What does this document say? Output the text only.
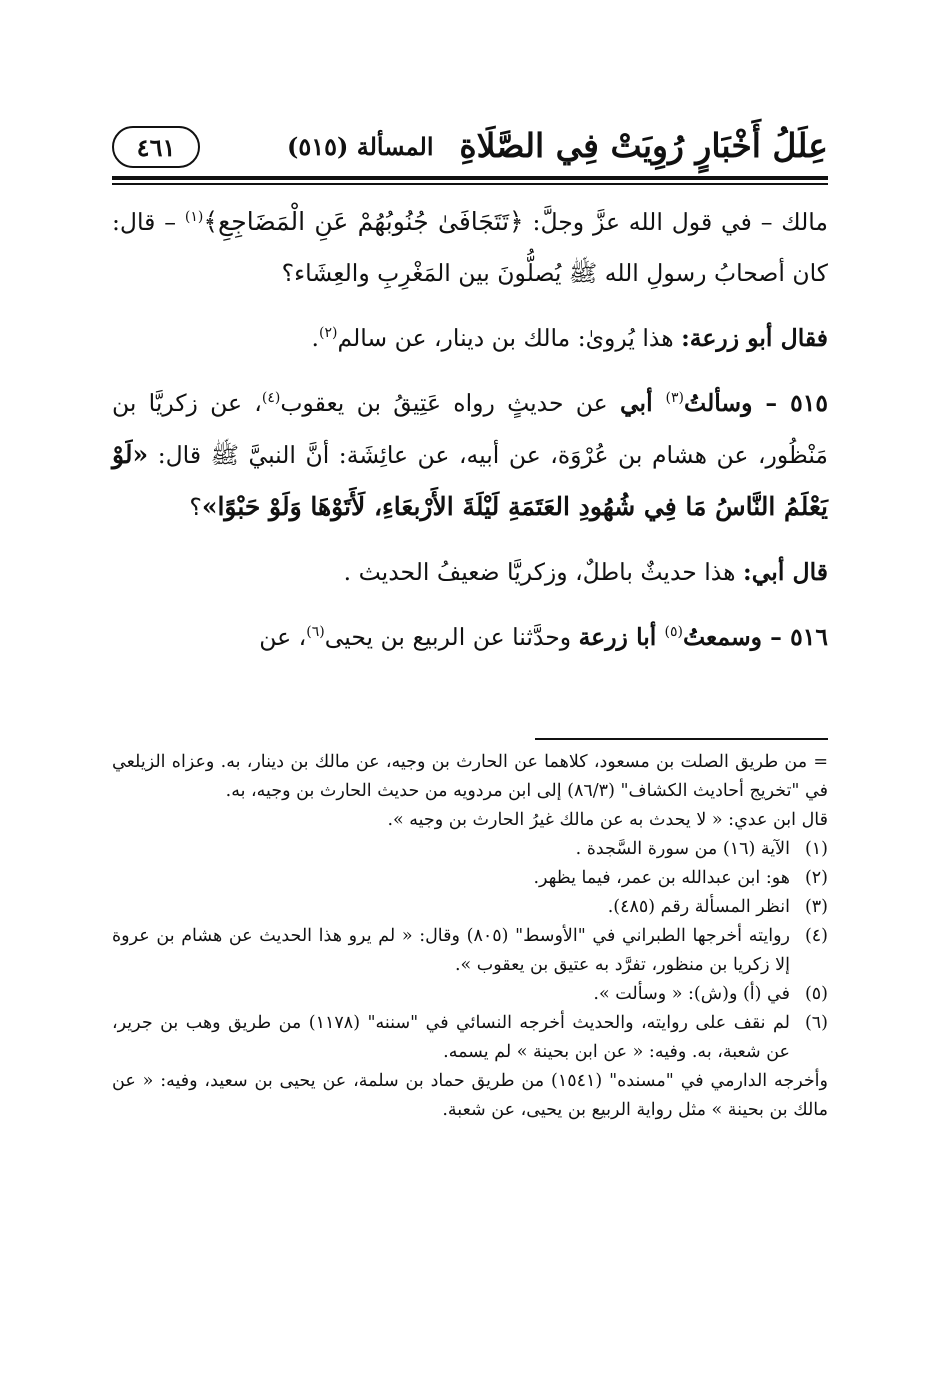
عِلَلُ أَخْبَارٍ رُوِيَتْ فِي الصَّلَاةِ
المسألة (٥١٥)
٤٦١

مالك – في قول الله عزَّ وجلَّ: ﴿تَتَجَافَىٰ جُنُوبُهُمْ عَنِ الْمَضَاجِعِ﴾$^{(١)}$ – قال: كان أصحابُ رسولِ الله ﷺ يُصلُّونَ بين المَغْرِبِ والعِشَاء؟

فقال أبو زرعة: هذا يُروىٰ: مالك بن دينار، عن سالم$^{(٢)}$.

٥١٥ – وسألتُ$^{(٣)}$ أبي عن حديثٍ رواه عَتِيقُ بن يعقوب$^{(٤)}$، عن زكريَّا بن مَنْظُور، عن هشام بن عُرْوَة، عن أبيه، عن عائِشَة: أنَّ النبيَّ ﷺ قال: «لَوْ يَعْلَمُ النَّاسُ مَا فِي شُهُودِ العَتَمَةِ لَيْلَةَ الأَرْبعَاءِ، لَأَتَوْهَا وَلَوْ حَبْوًا»؟

قال أبي: هذا حديثٌ باطلٌ، وزكريَّا ضعيفُ الحديث .

٥١٦ – وسمعتُ$^{(٥)}$ أبا زرعة وحدَّثنا عن الربيع بن يحيى$^{(٦)}$، عن

= من طريق الصلت بن مسعود، كلاهما عن الحارث بن وجيه، عن مالك بن دينار، به. وعزاه الزيلعي في "تخريج أحاديث الكشاف" (٨٦/٣) إلى ابن مردويه من حديث الحارث بن وجيه، به.

قال ابن عدي: « لا يحدث به عن مالك غيرُ الحارث بن وجيه ».

(١)
الآية (١٦) من سورة السَّجدة .
(٢)
هو: ابن عبدالله بن عمر، فيما يظهر.
(٣)
انظر المسألة رقم (٤٨٥).
(٤)
روايته أخرجها الطبراني في "الأوسط" (٨٠٥) وقال: « لم يرو هذا الحديث عن هشام بن عروة إلا زكريا بن منظور، تفرَّد به عتيق بن يعقوب ».
(٥)
في (أ) و(ش): « وسألت ».
(٦)
لم نقف على روايته، والحديث أخرجه النسائي في "سننه" (١١٧٨) من طريق وهب بن جرير، عن شعبة، به. وفيه: « عن ابن بحينة » لم يسمه.

وأخرجه الدارمي في "مسنده" (١٥٤١) من طريق حماد بن سلمة، عن يحيى بن سعيد، وفيه: « عن مالك بن بحينة » مثل رواية الربيع بن يحيى، عن شعبة.
